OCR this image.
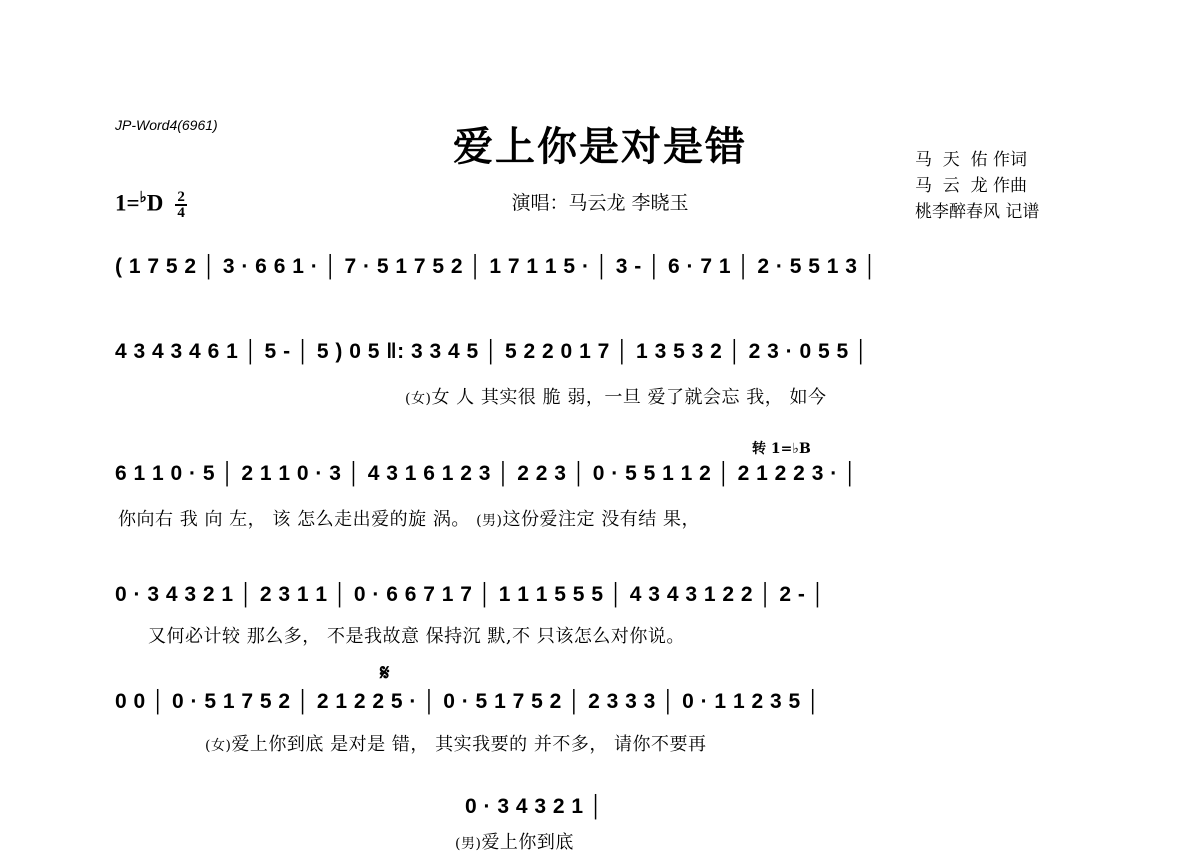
JP-Word4(6961)	爱上你是对是错
演唱：马云龙 李晓玉
马  天  佑 作词
马  云  龙 作曲
桃李醉春风 记谱
$1=^♭D \frac{2}{4}$
( 1 7 5 2 │ 3 · 6 6 1 · │ 7 · 5 1 7 5 2 │ 1 7 1 1 5 · │ 3 - │ 6 · 7 1 │ 2 · 5 5 1 3 │
4 3 4 3 4 6 1 │ 5 - │ 5 ) 0 5 ‖: 3 3 4 5 │ 5 2 2 0 1 7 │ 1 3 5 3 2 │ 2 3 · 0 5 5 │
(女)女 人 其实很 脆 弱，一旦 爱了就会忘 我， 如今
转 1=♭B
6 1 1 0 · 5 │ 2 1 1 0 · 3 │ 4 3 1 6 1 2 3 │ 2 2 3 │ 0 · 5 5 1 1 2 │ 2 1 2 2 3 · │
你向右 我 向 左， 该 怎么走出爱的旋 涡。 (男)这份爱注定 没有结 果，
0 · 3 4 3 2 1 │ 2 3 1 1 │ 0 · 6 6 7 1 7 │ 1 1 1 5 5 5 │ 4 3 4 3 1 2 2 │ 2 - │
又何必计较 那么多， 不是我故意 保持沉 默,不 只该怎么对你说。
𝄋
0 0 │ 0 · 5 1 7 5 2 │ 2 1 2 2 5 · │ 0 · 5 1 7 5 2 │ 2 3 3 3 │ 0 · 1 1 2 3 5 │
(女)爱上你到底 是对是 错， 其实我要的 并不多， 请你不要再
0 · 3 4 3 2 1 │
(男)爱上你到底
